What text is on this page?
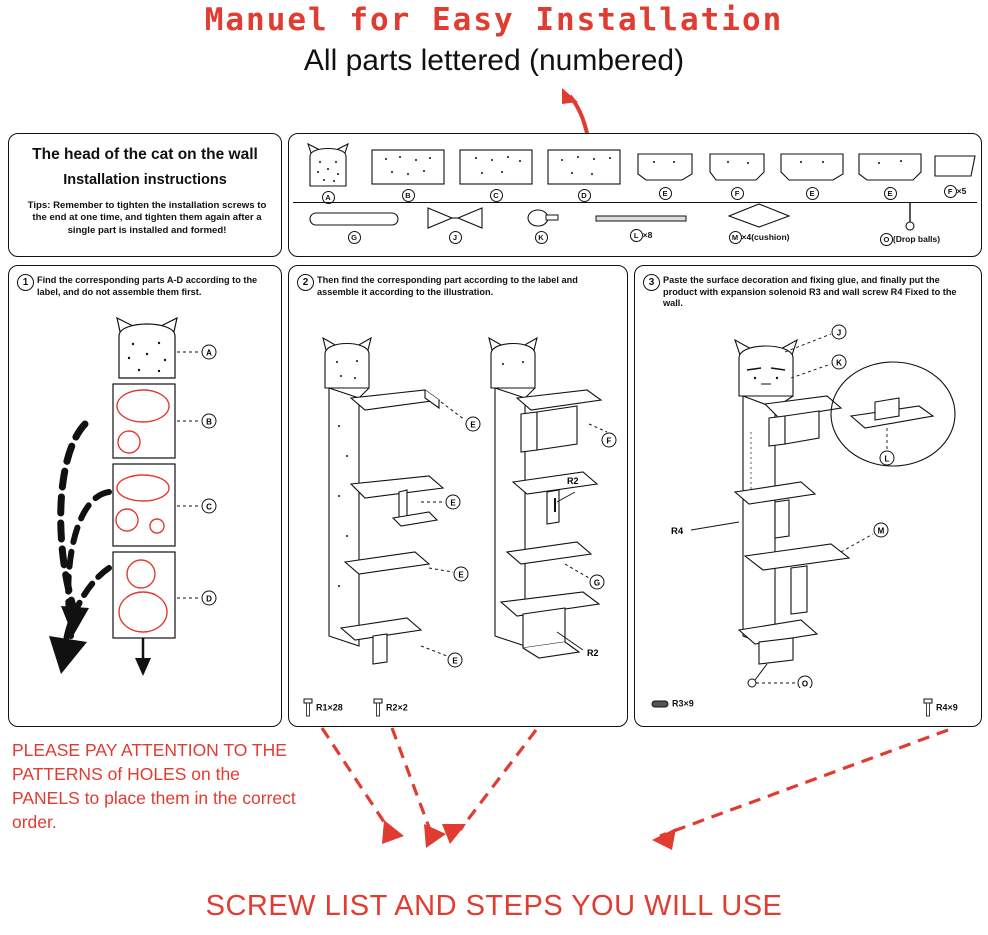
Manuel for Easy Installation
All parts lettered (numbered)
The head of the cat on the wall
Installation instructions
Tips: Remember to tighten the installation screws to the end at one time, and tighten them again after a single part is installed and formed!
A	B	C	D	E	F	E	E	F ×5
G	J	K	L ×8	M ×4(cushion)	O (Drop balls)
1 Find the corresponding parts A-D according to the label, and do not assemble them first.
A
B
C
D
2 Then find the corresponding part according to the label and assemble it according to the illustration.
E
E
E
E
R2
F
G
R2
R1×28	R2×2
3 Paste the surface decoration and fixing glue, and finally put the product with expansion solenoid R3 and wall screw R4 Fixed to the wall.
J
K
R4	M
O
L
R3×9	R4×9
PLEASE PAY ATTENTION TO THE PATTERNS of HOLES on the PANELS to place them in the correct order.
SCREW LIST AND STEPS YOU WILL USE
